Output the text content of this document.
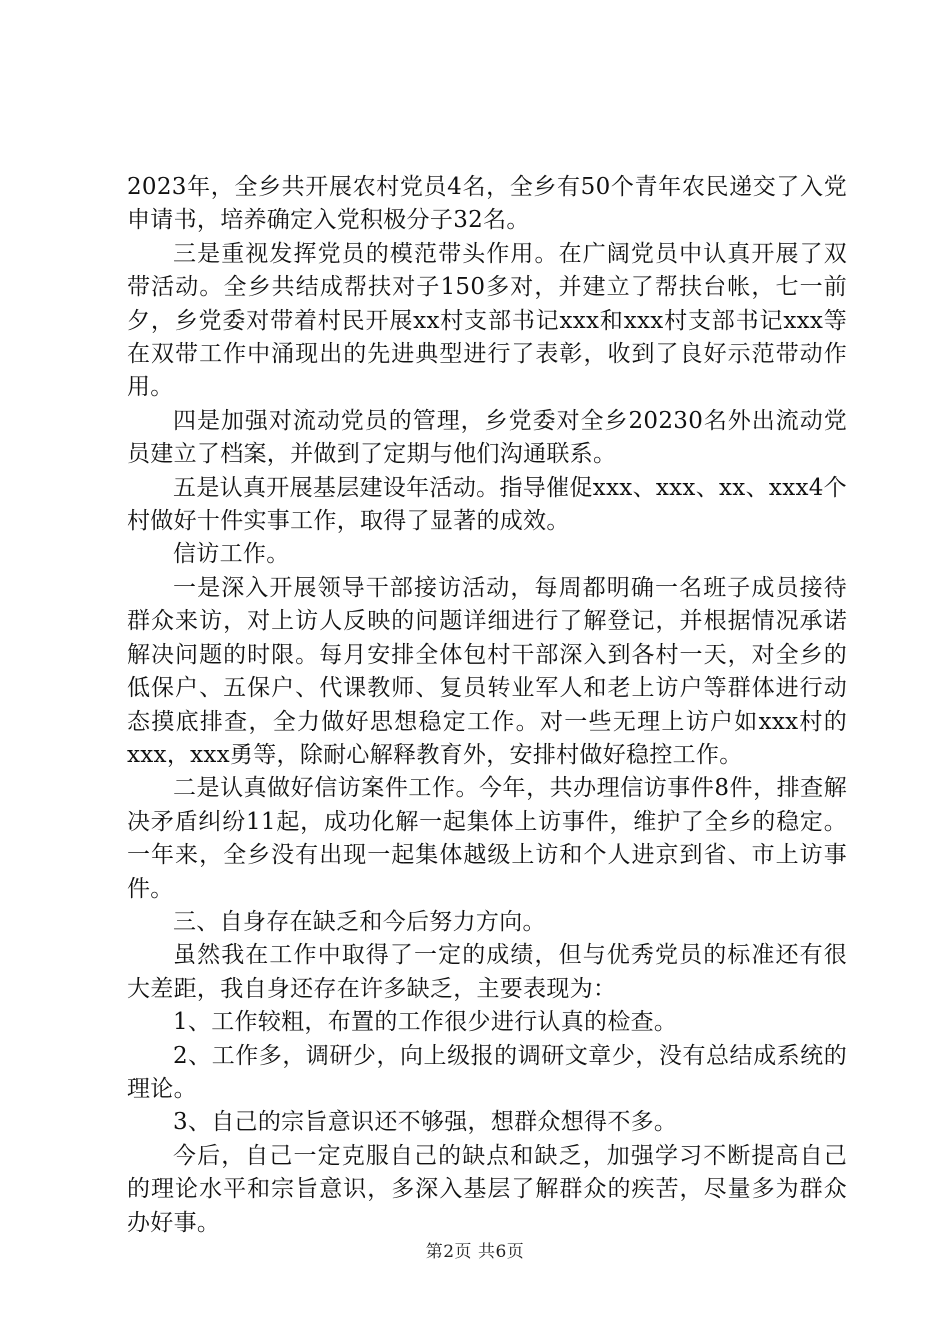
2023年，全乡共开展农村党员4名，全乡有50个青年农民递交了入党申请书，培养确定入党积极分子32名。

三是重视发挥党员的模范带头作用。在广阔党员中认真开展了双带活动。全乡共结成帮扶对子150多对，并建立了帮扶台帐，七一前夕，乡党委对带着村民开展xx村支部书记xxx和xxx村支部书记xxx等在双带工作中涌现出的先进典型进行了表彰，收到了良好示范带动作用。

四是加强对流动党员的管理，乡党委对全乡20230名外出流动党员建立了档案，并做到了定期与他们沟通联系。

五是认真开展基层建设年活动。指导催促xxx、xxx、xx、xxx4个村做好十件实事工作，取得了显著的成效。

信访工作。

一是深入开展领导干部接访活动，每周都明确一名班子成员接待群众来访，对上访人反映的问题详细进行了解登记，并根据情况承诺解决问题的时限。每月安排全体包村干部深入到各村一天，对全乡的低保户、五保户、代课教师、复员转业军人和老上访户等群体进行动态摸底排查，全力做好思想稳定工作。对一些无理上访户如xxx村的xxx，xxx勇等，除耐心解释教育外，安排村做好稳控工作。

二是认真做好信访案件工作。今年，共办理信访事件8件，排查解决矛盾纠纷11起，成功化解一起集体上访事件，维护了全乡的稳定。一年来，全乡没有出现一起集体越级上访和个人进京到省、市上访事件。

三、自身存在缺乏和今后努力方向。

虽然我在工作中取得了一定的成绩，但与优秀党员的标准还有很大差距，我自身还存在许多缺乏，主要表现为：

1、工作较粗，布置的工作很少进行认真的检查。

2、工作多，调研少，向上级报的调研文章少，没有总结成系统的理论。

3、自己的宗旨意识还不够强，想群众想得不多。

今后，自己一定克服自己的缺点和缺乏，加强学习不断提高自己的理论水平和宗旨意识，多深入基层了解群众的疾苦，尽量多为群众办好事。

第2页 共6页
